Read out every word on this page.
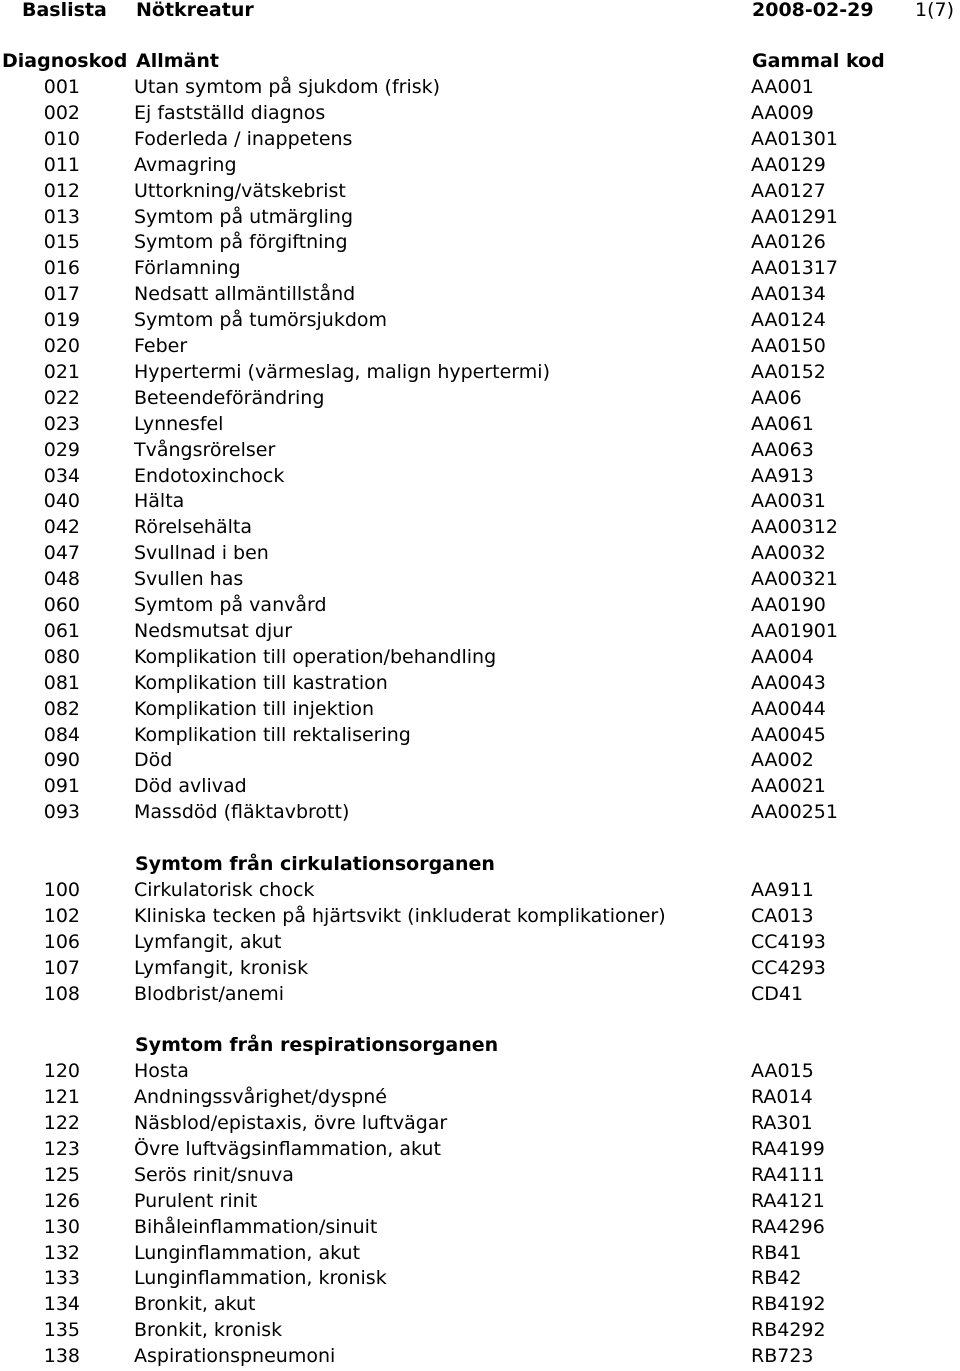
Baslista Nötkreatur	2008-02-29 1(7)
Diagnoskod Allmänt	Gammal kod
001	Utan symtom på sjukdom (frisk)	AA001
002	Ej fastställd diagnos	AA009
010	Foderleda / inappetens	AA01301
011	Avmagring	AA0129
012	Uttorkning/vätskebrist	AA0127
013	Symtom på utmärgling	AA01291
015	Symtom på förgiftning	AA0126
016	Förlamning	AA01317
017	Nedsatt allmäntillstånd	AA0134
019	Symtom på tumörsjukdom	AA0124
020	Feber	AA0150
021	Hypertermi (värmeslag, malign hypertermi)	AA0152
022	Beteendeförändring	AA06
023	Lynnesfel	AA061
029	Tvångsrörelser	AA063
034	Endotoxinchock	AA913
040	Hälta	AA0031
042	Rörelsehälta	AA00312
047	Svullnad i ben	AA0032
048	Svullen has	AA00321
060	Symtom på vanvård	AA0190
061	Nedsmutsat djur	AA01901
080	Komplikation till operation/behandling	AA004
081	Komplikation till kastration	AA0043
082	Komplikation till injektion	AA0044
084	Komplikation till rektalisering	AA0045
090	Död	AA002
091	Död avlivad	AA0021
093	Massdöd (fläktavbrott)	AA00251
Symtom från cirkulationsorganen
100	Cirkulatorisk chock	AA911
102	Kliniska tecken på hjärtsvikt (inkluderat komplikationer)	CA013
106	Lymfangit, akut	CC4193
107	Lymfangit, kronisk	CC4293
108	Blodbrist/anemi	CD41
Symtom från respirationsorganen
120	Hosta	AA015
121	Andningssvårighet/dyspné	RA014
122	Näsblod/epistaxis, övre luftvägar	RA301
123	Övre luftvägsinflammation, akut	RA4199
125	Serös rinit/snuva	RA4111
126	Purulent rinit	RA4121
130	Bihåleinflammation/sinuit	RA4296
132	Lunginflammation, akut	RB41
133	Lunginflammation, kronisk	RB42
134	Bronkit, akut	RB4192
135	Bronkit, kronisk	RB4292
138	Aspirationspneumoni	RB723
